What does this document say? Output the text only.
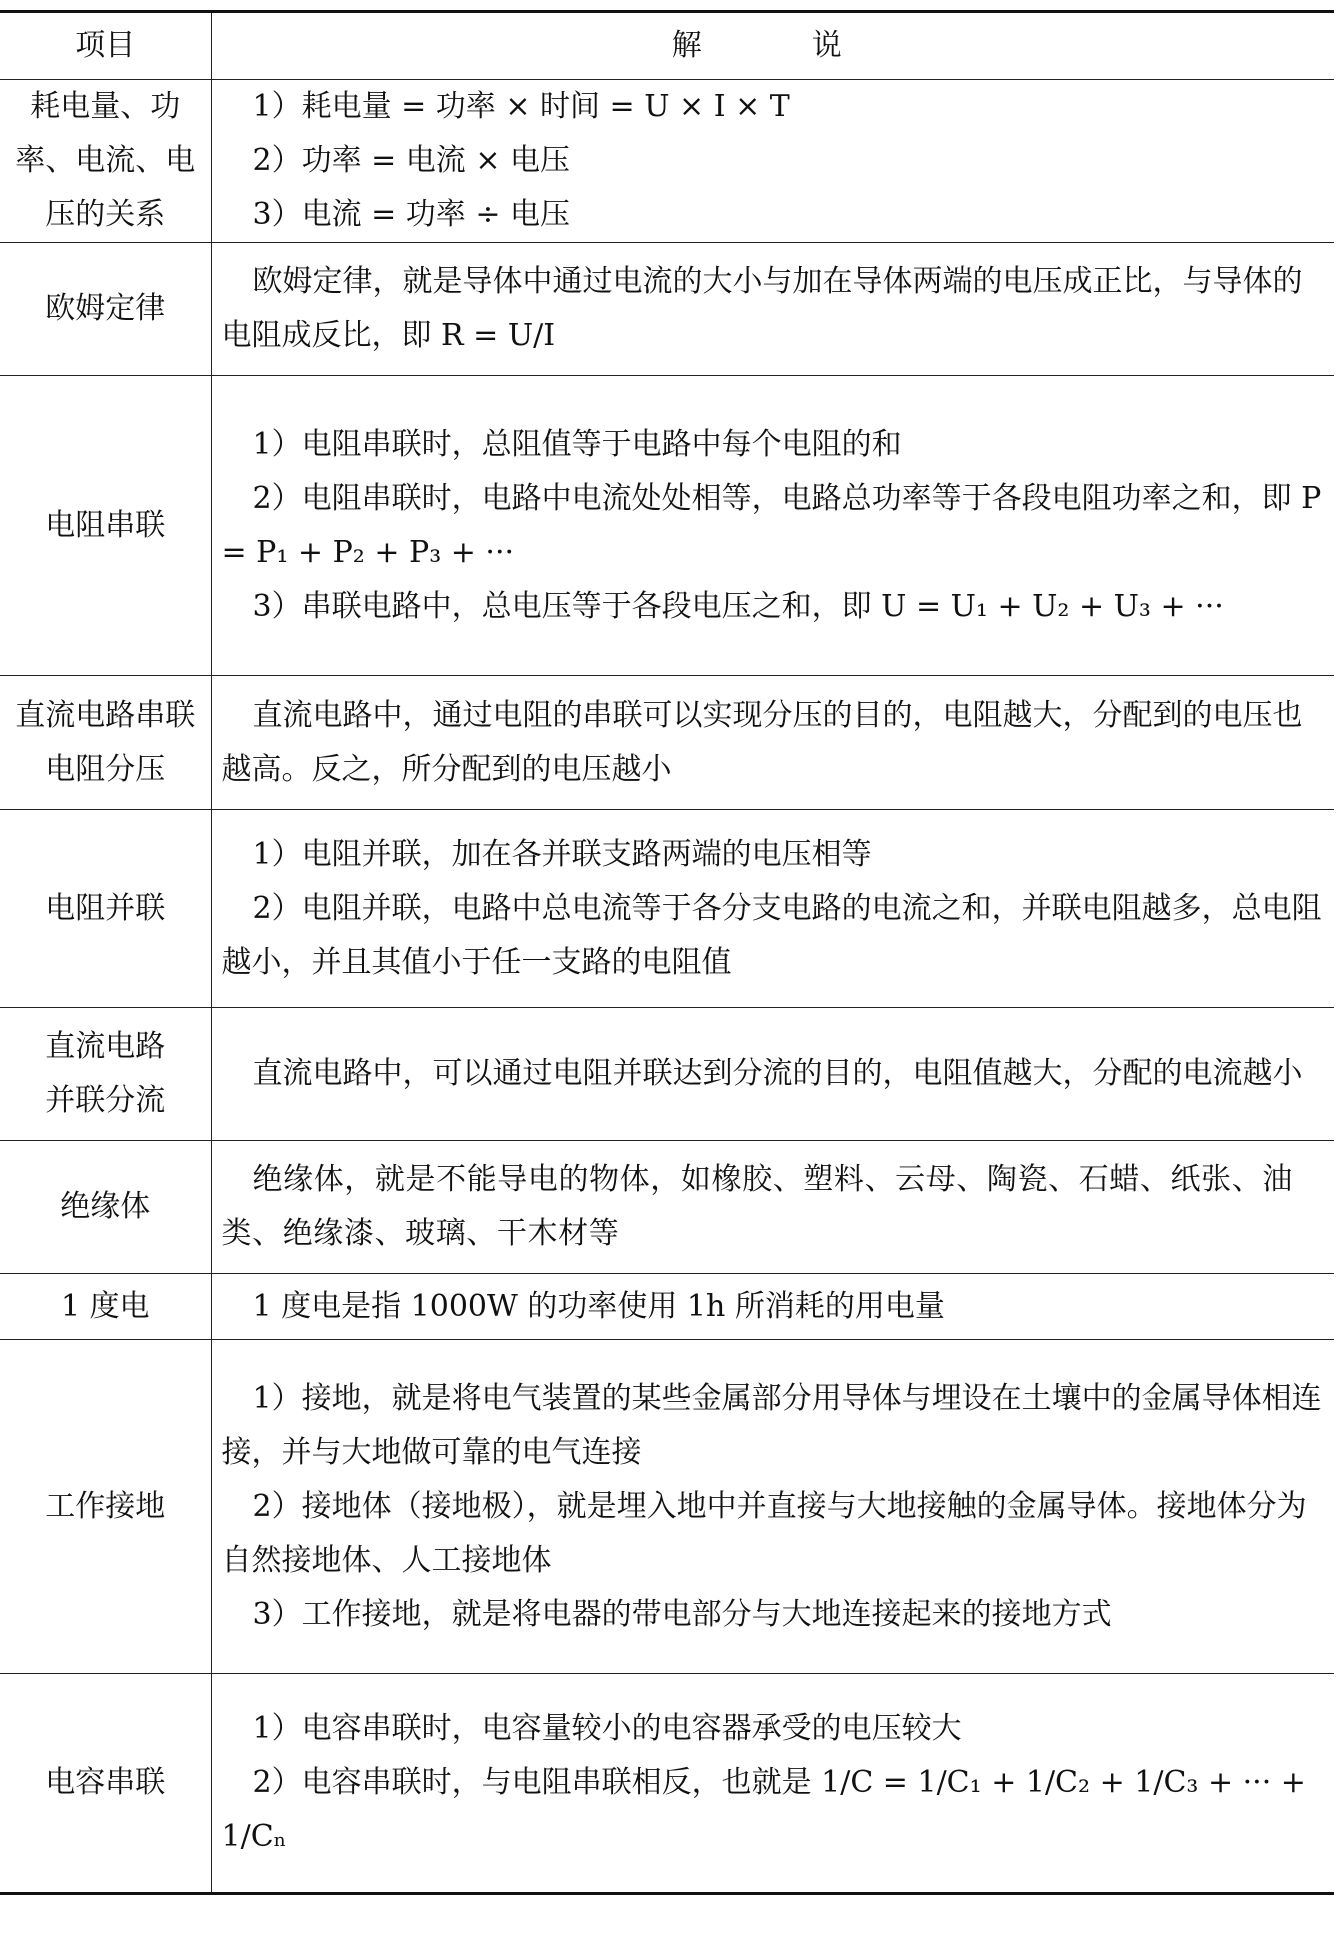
项目	解　说
耗电量、功率、电流、电压的关系	1）耗电量 = 功率 × 时间 = U × I × T

2）功率 = 电流 × 电压

3）电流 = 功率 ÷ 电压

欧姆定律	欧姆定律，就是导体中通过电流的大小与加在导体两端的电压成正比，与导体的电阻成反比，即 R = U/I

电阻串联	1）电阻串联时，总阻值等于电路中每个电阻的和

2）电阻串联时，电路中电流处处相等，电路总功率等于各段电阻功率之和，即 P = P₁ + P₂ + P₃ + ···

3）串联电路中，总电压等于各段电压之和，即 U = U₁ + U₂ + U₃ + ···

直流电路串联电阻分压	直流电路中，通过电阻的串联可以实现分压的目的，电阻越大，分配到的电压也越高。反之，所分配到的电压越小

电阻并联	1）电阻并联，加在各并联支路两端的电压相等

2）电阻并联，电路中总电流等于各分支电路的电流之和，并联电阻越多，总电阻越小，并且其值小于任一支路的电阻值

直流电路并联分流	直流电路中，可以通过电阻并联达到分流的目的，电阻值越大，分配的电流越小

绝缘体	绝缘体，就是不能导电的物体，如橡胶、塑料、云母、陶瓷、石蜡、纸张、油类、绝缘漆、玻璃、干木材等

1 度电	1 度电是指 1000W 的功率使用 1h 所消耗的用电量

工作接地	1）接地，就是将电气装置的某些金属部分用导体与埋设在土壤中的金属导体相连接，并与大地做可靠的电气连接

2）接地体（接地极），就是埋入地中并直接与大地接触的金属导体。接地体分为自然接地体、人工接地体

3）工作接地，就是将电器的带电部分与大地连接起来的接地方式

电容串联	1）电容串联时，电容量较小的电容器承受的电压较大

2）电容串联时，与电阻串联相反，也就是 1/C = 1/C₁ + 1/C₂ + 1/C₃ + ··· + 1/Cₙ
